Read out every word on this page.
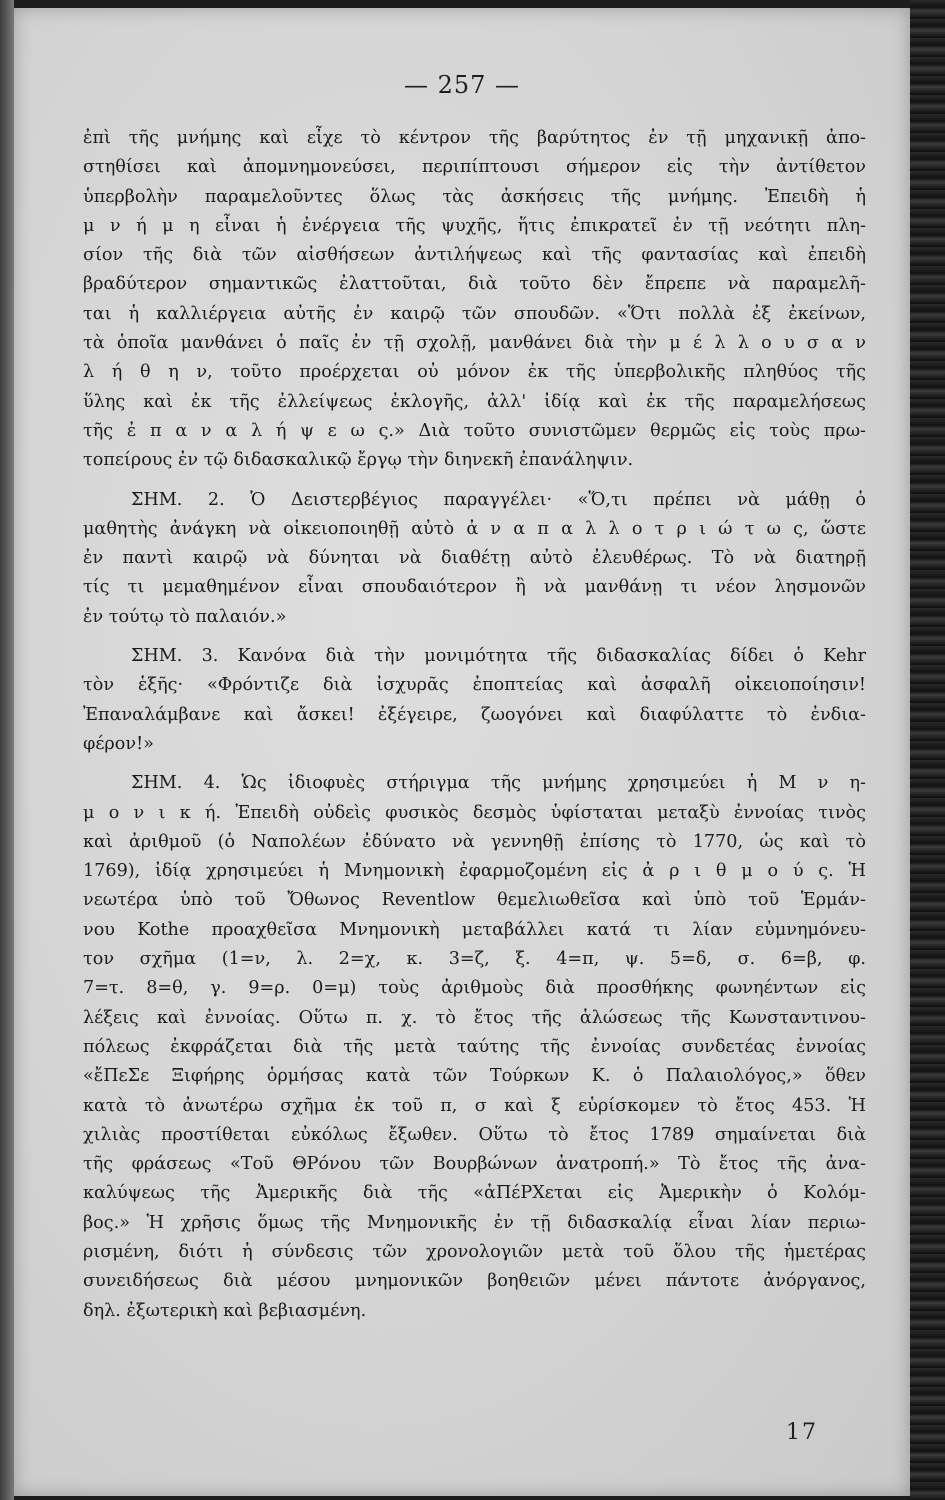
— 257 —
ἐπὶ τῆς μνήμης καὶ εἶχε τὸ κέντρον τῆς βαρύτητος ἐν τῇ μηχανικῇ ἀπο-
στηθίσει καὶ ἀπομνημονεύσει, περιπίπτουσι σήμερον εἰς τὴν ἀντίθετον
ὑπερβολὴν παραμελοῦντες ὅλως τὰς ἀσκήσεις τῆς μνήμης. Ἐπειδὴ ἡ
μ ν ή μ η εἶναι ἡ ἐνέργεια τῆς ψυχῆς, ἥτις ἐπικρατεῖ ἐν τῇ νεότητι πλη-
σίον τῆς διὰ τῶν αἰσθήσεων ἀντιλήψεως καὶ τῆς φαντασίας καὶ ἐπειδὴ
βραδύτερον σημαντικῶς ἐλαττοῦται, διὰ τοῦτο δὲν ἔπρεπε νὰ παραμελῆ-
ται ἡ καλλιέργεια αὐτῆς ἐν καιρῷ τῶν σπουδῶν. «Ὅτι πολλὰ ἐξ ἐκείνων,
τὰ ὁποῖα μανθάνει ὁ παῖς ἐν τῇ σχολῇ, μανθάνει διὰ τὴν μ έ λ λ ο υ σ α ν
λ ή θ η ν, τοῦτο προέρχεται οὐ μόνον ἐκ τῆς ὑπερβολικῆς πληθύος τῆς
ὕλης καὶ ἐκ τῆς ἐλλείψεως ἐκλογῆς, ἀλλ' ἰδίᾳ καὶ ἐκ τῆς παραμελήσεως
τῆς ἐ π α ν α λ ή ψ ε ω ς.» Διὰ τοῦτο συνιστῶμεν θερμῶς εἰς τοὺς πρω-
τοπείρους ἐν τῷ διδασκαλικῷ ἔργῳ τὴν διηνεκῆ ἐπανάληψιν.
ΣΗΜ. 2. Ὁ Δειστερβέγιος παραγγέλει· «Ὅ,τι πρέπει νὰ μάθῃ ὁ
μαθητὴς ἀνάγκη νὰ οἰκειοποιηθῇ αὐτὸ ἀ ν α π α λ λ ο τ ρ ι ώ τ ω ς, ὥστε
ἐν παντὶ καιρῷ νὰ δύνηται νὰ διαθέτῃ αὐτὸ ἐλευθέρως. Τὸ νὰ διατηρῇ
τίς τι μεμαθημένον εἶναι σπουδαιότερον ἢ νὰ μανθάνῃ τι νέον λησμονῶν
ἐν τούτῳ τὸ παλαιόν.»
ΣΗΜ. 3. Κανόνα διὰ τὴν μονιμότητα τῆς διδασκαλίας δίδει ὁ Kehr
τὸν ἑξῆς· «Φρόντιζε διὰ ἰσχυρᾶς ἐποπτείας καὶ ἀσφαλῆ οἰκειοποίησιν!
Ἐπαναλάμβανε καὶ ἄσκει! ἐξέγειρε, ζωογόνει καὶ διαφύλαττε τὸ ἐνδια-
φέρον!»
ΣΗΜ. 4. Ὡς ἰδιοφυὲς στήριγμα τῆς μνήμης χρησιμεύει ἡ Μ ν η-
μ ο ν ι κ ή. Ἐπειδὴ οὐδεὶς φυσικὸς δεσμὸς ὑφίσταται μεταξὺ ἐννοίας τινὸς
καὶ ἀριθμοῦ (ὁ Ναπολέων ἐδύνατο νὰ γεννηθῇ ἐπίσης τὸ 1770, ὡς καὶ τὸ
1769), ἰδίᾳ χρησιμεύει ἡ Μνημονικὴ ἐφαρμοζομένη εἰς ἀ ρ ι θ μ ο ύ ς. Ἡ
νεωτέρα ὑπὸ τοῦ Ὄθωνος Reventlow θεμελιωθεῖσα καὶ ὑπὸ τοῦ Ἑρμάν-
νου Kothe προαχθεῖσα Μνημονικὴ μεταβάλλει κατά τι λίαν εὐμνημόνευ-
τον σχῆμα (1=ν, λ. 2=χ, κ. 3=ζ, ξ. 4=π, ψ. 5=δ, σ. 6=β, φ.
7=τ. 8=θ, γ. 9=ρ. 0=μ) τοὺς ἀριθμοὺς διὰ προσθήκης φωνηέντων εἰς
λέξεις καὶ ἐννοίας. Οὕτω π. χ. τὸ ἔτος τῆς ἁλώσεως τῆς Κωνσταντινου-
πόλεως ἐκφράζεται διὰ τῆς μετὰ ταύτης τῆς ἐννοίας συνδετέας ἐννοίας
«ἔΠεΣε Ξιφήρης ὁρμήσας κατὰ τῶν Τούρκων Κ. ὁ Παλαιολόγος,» ὅθεν
κατὰ τὸ ἀνωτέρω σχῆμα ἐκ τοῦ π, σ καὶ ξ εὑρίσκομεν τὸ ἔτος 453. Ἡ
χιλιὰς προστίθεται εὐκόλως ἔξωθεν. Οὕτω τὸ ἔτος 1789 σημαίνεται διὰ
τῆς φράσεως «Τοῦ ΘΡόνου τῶν Βουρβώνων ἀνατροπή.» Τὸ ἔτος τῆς ἀνα-
καλύψεως τῆς Ἀμερικῆς διὰ τῆς «ἀΠέΡΧεται εἰς Ἀμερικὴν ὁ Κολόμ-
βος.» Ἡ χρῆσις ὅμως τῆς Μνημονικῆς ἐν τῇ διδασκαλίᾳ εἶναι λίαν περιω-
ρισμένη, διότι ἡ σύνδεσις τῶν χρονολογιῶν μετὰ τοῦ ὅλου τῆς ἡμετέρας
συνειδήσεως διὰ μέσου μνημονικῶν βοηθειῶν μένει πάντοτε ἀνόργανος,
δηλ. ἐξωτερικὴ καὶ βεβιασμένη.
17
